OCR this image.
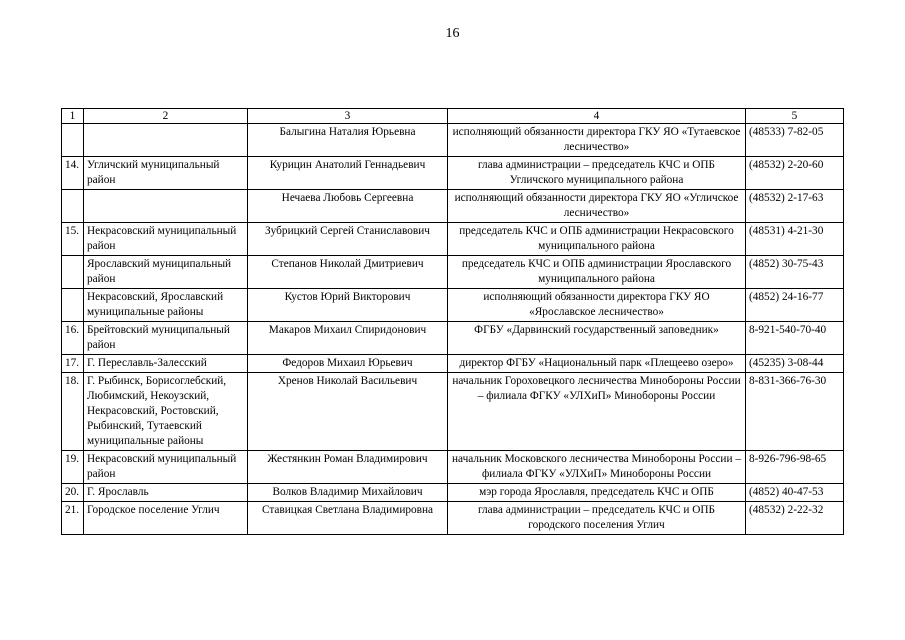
16
1	2	3	4	5
		Балыгина Наталия Юрьевна	исполняющий обязанности директора ГКУ ЯО «Тутаевское лесничество»	(48533) 7-82-05
14.	Угличский муниципальный район	Курицин Анатолий Геннадьевич	глава администрации – председатель КЧС и ОПБ Угличского муниципального района	(48532) 2-20-60
		Нечаева Любовь Сергеевна	исполняющий обязанности директора ГКУ ЯО «Угличское лесничество»	(48532) 2-17-63
15.	Некрасовский муниципальный район	Зубрицкий Сергей Станиславович	председатель КЧС и ОПБ администрации Некрасовского муниципального района	(48531) 4-21-30
	Ярославский муниципальный район	Степанов Николай Дмитриевич	председатель КЧС и ОПБ администрации Ярославского муниципального района	(4852) 30-75-43
	Некрасовский, Ярославский муниципальные районы	Кустов Юрий Викторович	исполняющий обязанности директора ГКУ ЯО «Ярославское лесничество»	(4852) 24-16-77
16.	Брейтовский муниципальный район	Макаров Михаил Спиридонович	ФГБУ «Дарвинский государственный заповедник»	8-921-540-70-40
17.	Г. Переславль-Залесский	Федоров Михаил Юрьевич	директор ФГБУ «Национальный парк «Плещеево озеро»	(45235) 3-08-44
18.	Г. Рыбинск, Борисоглебский, Любимский, Некоузский, Некрасовский, Ростовский, Рыбинский, Тутаевский муниципальные районы	Хренов Николай Васильевич	начальник Гороховецкого лесничества Минобороны России – филиала ФГКУ «УЛХиП» Минобороны России	8-831-366-76-30
19.	Некрасовский муниципальный район	Жестянкин Роман Владимирович	начальник Московского лесничества Минобороны России – филиала ФГКУ «УЛХиП» Минобороны России	8-926-796-98-65
20.	Г. Ярославль	Волков Владимир Михайлович	мэр города Ярославля, председатель КЧС и ОПБ	(4852) 40-47-53
21.	Городское поселение Углич	Ставицкая Светлана Владимировна	глава администрации – председатель КЧС и ОПБ городского поселения Углич	(48532) 2-22-32
